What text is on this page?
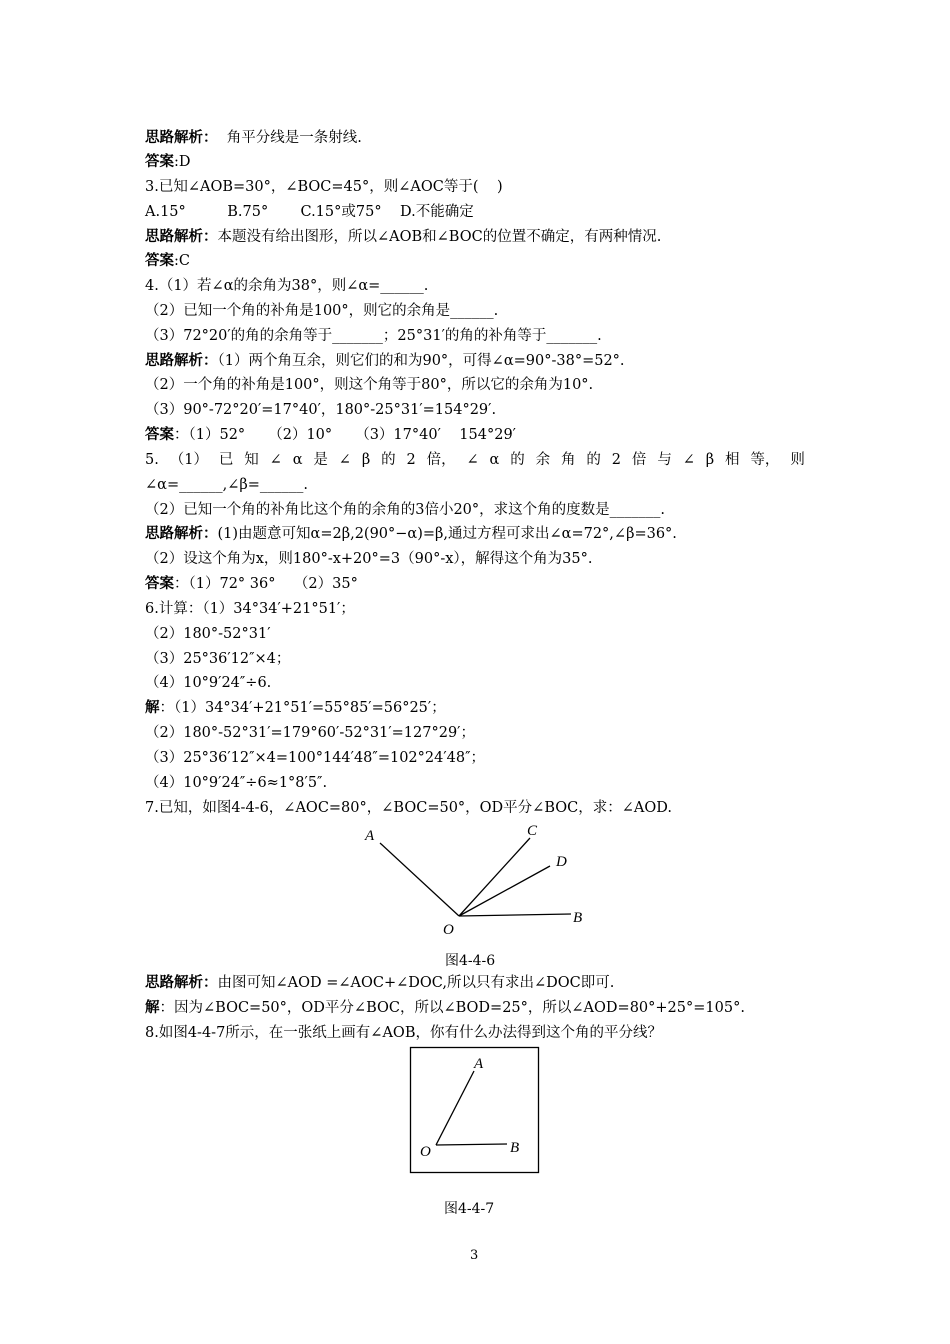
思路解析： 角平分线是一条射线.
答案:D
3.已知∠AOB=30°，∠BOC=45°，则∠AOC等于(    )
A.15°         B.75°       C.15°或75°    D.不能确定
思路解析：本题没有给出图形，所以∠AOB和∠BOC的位置不确定，有两种情况.
答案:C
4.（1）若∠α的余角为38°，则∠α=______.
（2）已知一个角的补角是100°，则它的余角是______.
（3）72°20′的角的余角等于_______；25°31′的角的补角等于_______.
思路解析：（1）两个角互余，则它们的和为90°，可得∠α=90°-38°=52°.
（2）一个角的补角是100°，则这个角等于80°，所以它的余角为10°.
（3）90°-72°20′=17°40′，180°-25°31′=154°29′.
答案：（1）52°     （2）10°     （3）17°40′    154°29′
5. （1） 已 知 ∠ α 是 ∠ β 的 2 倍， ∠ α 的 余 角 的 2 倍 与 ∠ β 相 等， 则
∠α=______,∠β=______.
（2）已知一个角的补角比这个角的余角的3倍小20°，求这个角的度数是_______.
思路解析：(1)由题意可知α=2β,2(90°−α)=β,通过方程可求出∠α=72°,∠β=36°.
（2）设这个角为x，则180°-x+20°=3（90°-x），解得这个角为35°.
答案：（1）72° 36°    （2）35°
6.计算：（1）34°34′+21°51′；
（2）180°-52°31′
（3）25°36′12″×4；
（4）10°9′24″÷6.
解：（1）34°34′+21°51′=55°85′=56°25′；
（2）180°-52°31′=179°60′-52°31′=127°29′；
（3）25°36′12″×4=100°144′48″=102°24′48″；
（4）10°9′24″÷6≈1°8′5″.
7.已知，如图4-4-6，∠AOC=80°，∠BOC=50°，OD平分∠BOC，求：∠AOD.
A	C
D
B
O
图4-4-6
思路解析：由图可知∠AOD =∠AOC+∠DOC,所以只有求出∠DOC即可.
解：因为∠BOC=50°，OD平分∠BOC，所以∠BOD=25°，所以∠AOD=80°+25°=105°.
8.如图4-4-7所示，在一张纸上画有∠AOB，你有什么办法得到这个角的平分线？
A
B
O
图4-4-7
3
